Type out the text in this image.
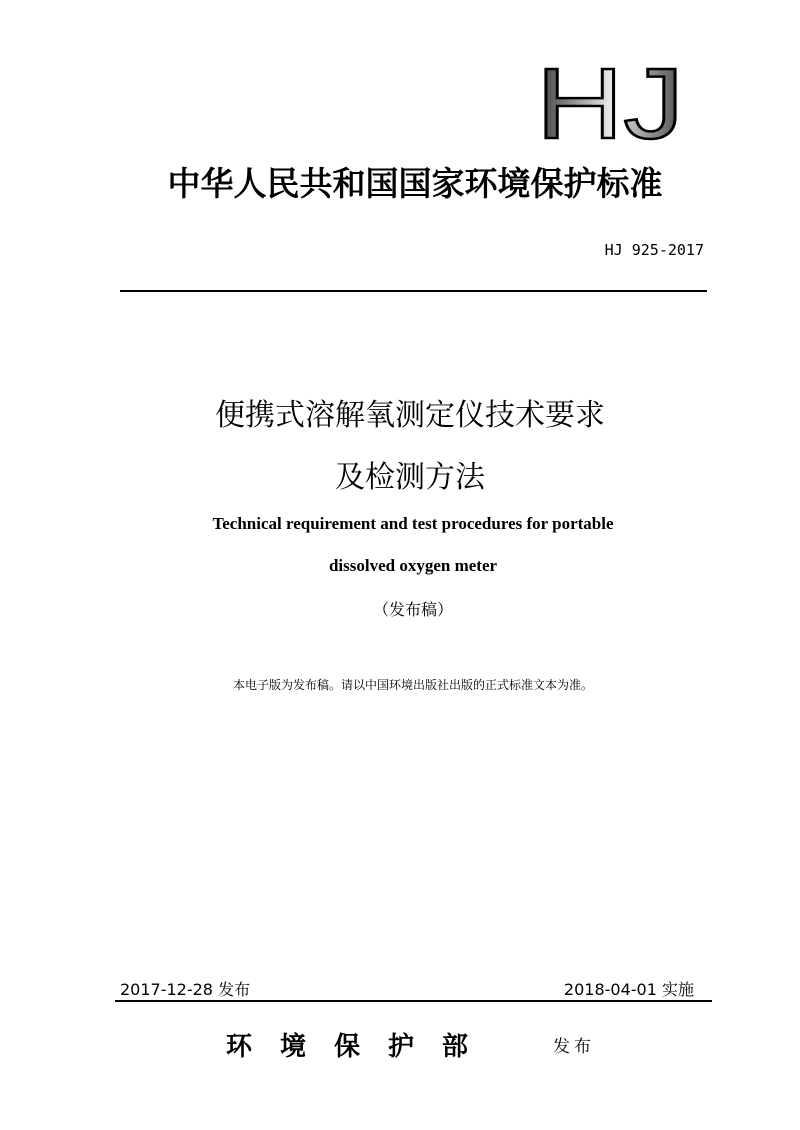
HJ
中华人民共和国国家环境保护标准
HJ 925-2017
便携式溶解氧测定仪技术要求
及检测方法
Technical requirement and test procedures for portable
dissolved oxygen meter
（发布稿）
本电子版为发布稿。请以中国环境出版社出版的正式标准文本为准。
2017-12-28 发布	2018-04-01 实施
环境保护部	发布
